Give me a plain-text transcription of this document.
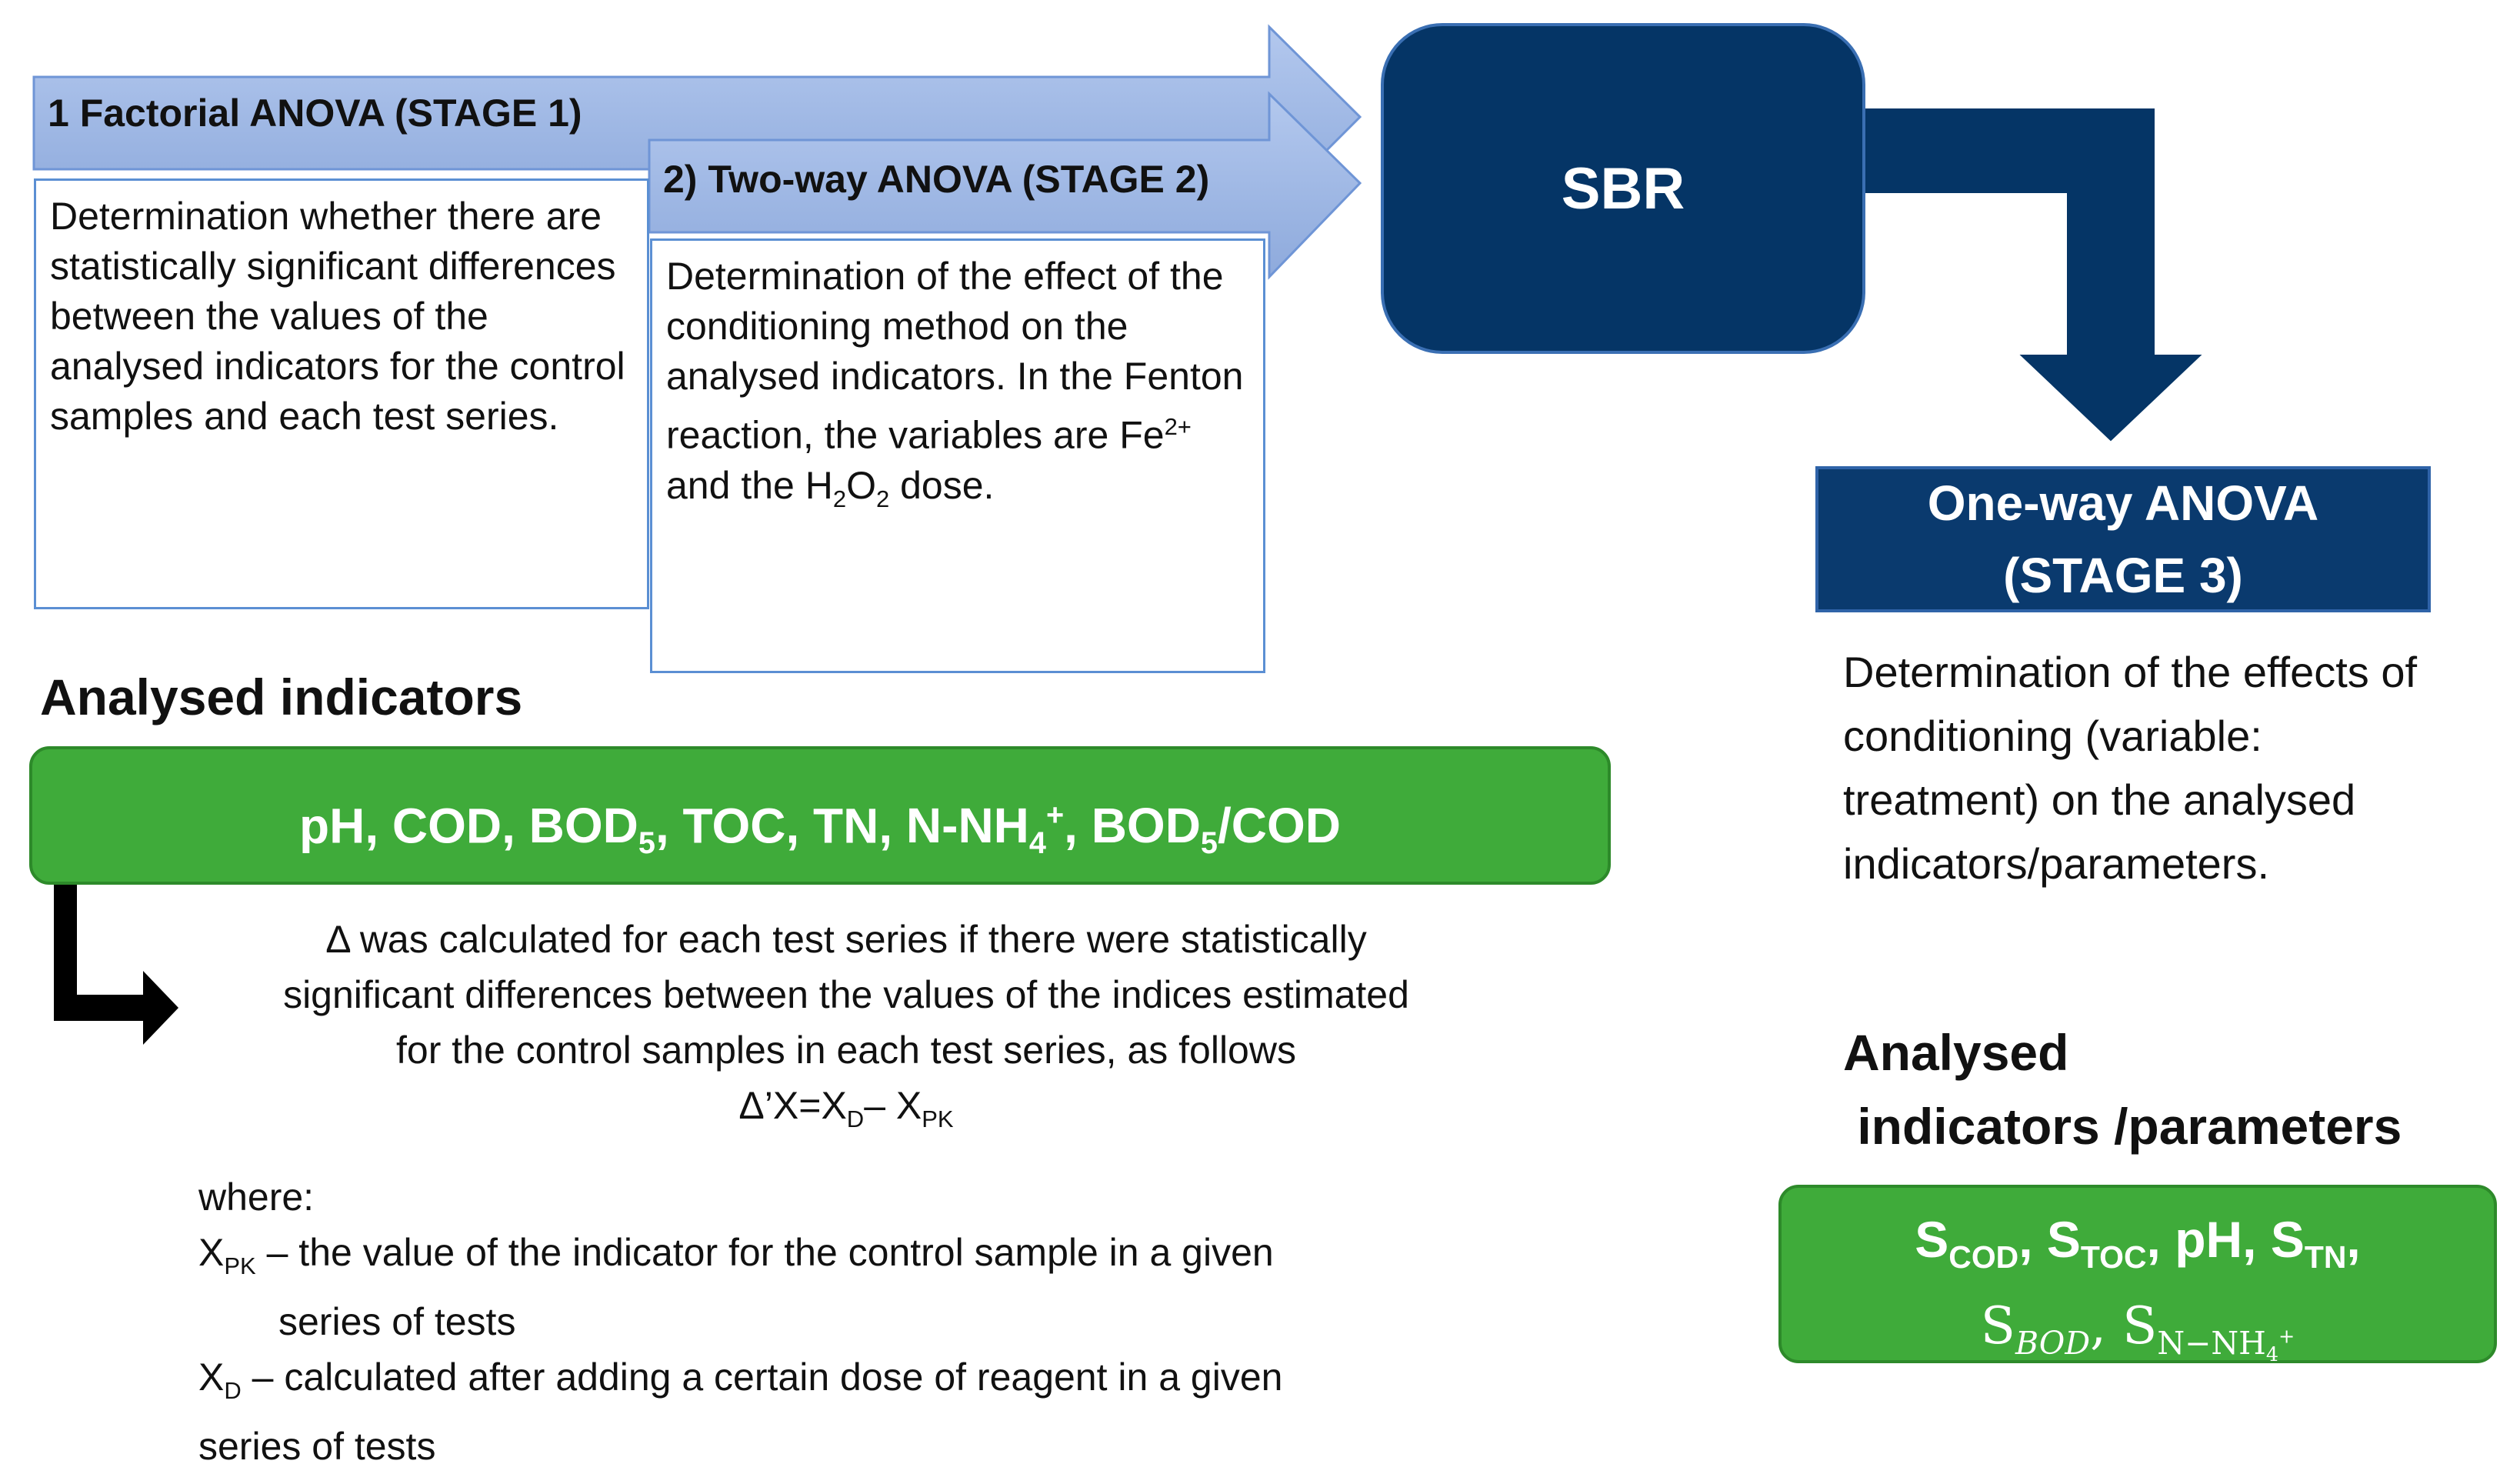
1 Factorial ANOVA (STAGE 1)
2) Two-way ANOVA (STAGE 2)

Determination whether there are statistically significant differences between the values of the analysed indicators for the control samples and each test series.

Determination of the effect of the conditioning method on the analysed indicators. In the Fenton reaction, the variables are $Fe^{2+}$ and the $H_2O_2$ dose.

SBR
One-way ANOVA
(STAGE 3)
Determination of the effects of conditioning (variable: treatment) on the analysed indicators/parameters.
Analysed indicators
pH, COD, $BOD_5$, TOC, TN, $N-NH_4^+$, $BOD_5$/COD
Δ was calculated for each test series if there were statistically
significant differences between the values of the indices estimated
for the control samples in each test series, as follows
$\Delta’X=X_D-$ $X_{PK}$
where:
$X_{PK}$ – the value of the indicator for the control sample in a given
series of tests
$X_D$ – calculated after adding a certain dose of reagent in a given
series of tests
Analysed
indicators /parameters
$S_{COD}$, $S_{TOC}$, pH, $S_{TN}$,
$S_{BOD}$, $S_{N-NH_4^+}$
